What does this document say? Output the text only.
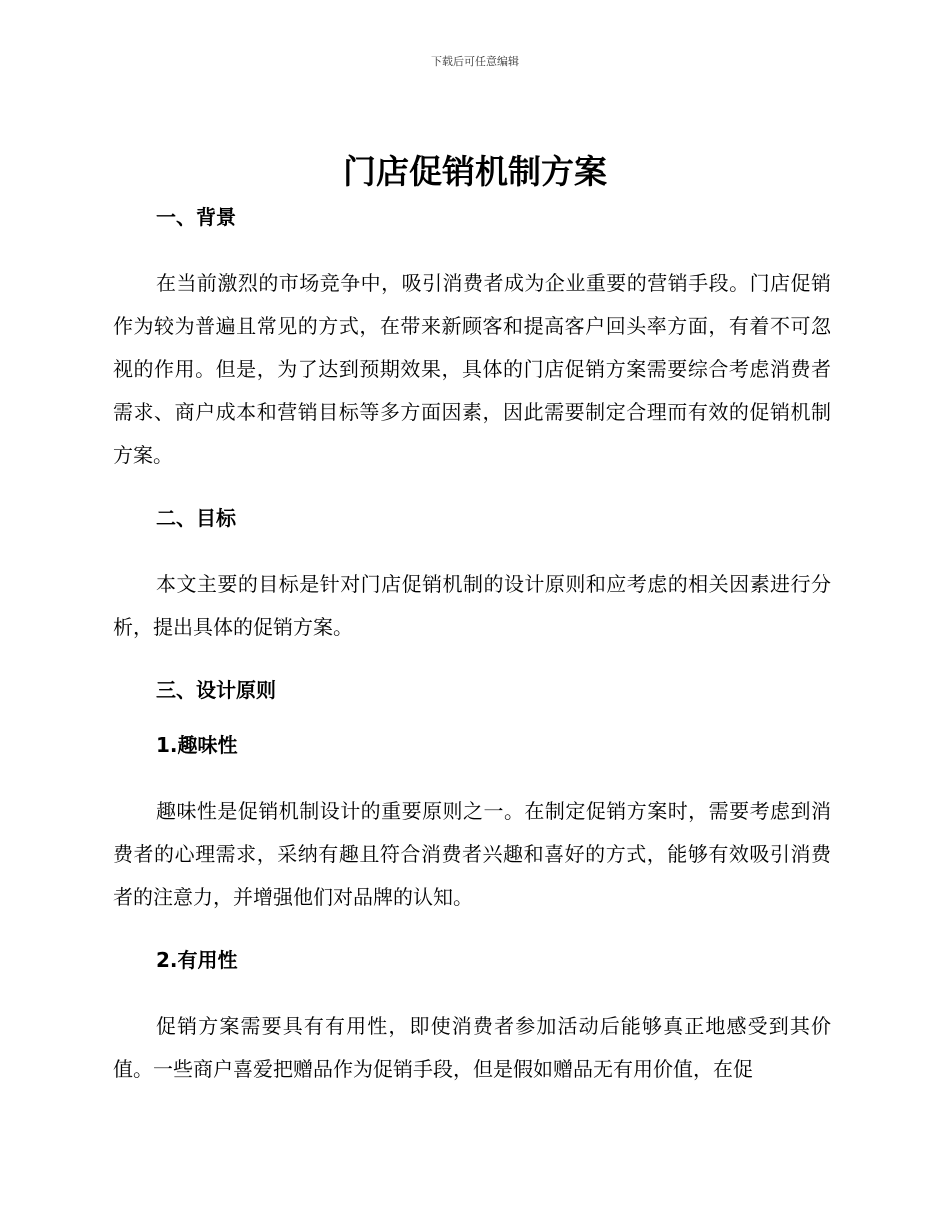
下载后可任意编辑
门店促销机制方案
一、背景

在当前激烈的市场竞争中，吸引消费者成为企业重要的营销手段。门店促销作为较为普遍且常见的方式，在带来新顾客和提高客户回头率方面，有着不可忽视的作用。但是，为了达到预期效果，具体的门店促销方案需要综合考虑消费者需求、商户成本和营销目标等多方面因素，因此需要制定合理而有效的促销机制方案。

二、目标

本文主要的目标是针对门店促销机制的设计原则和应考虑的相关因素进行分析，提出具体的促销方案。

三、设计原则
1.趣味性

趣味性是促销机制设计的重要原则之一。在制定促销方案时，需要考虑到消费者的心理需求，采纳有趣且符合消费者兴趣和喜好的方式，能够有效吸引消费者的注意力，并增强他们对品牌的认知。

2.有用性

促销方案需要具有有用性，即使消费者参加活动后能够真正地感受到其价值。一些商户喜爱把赠品作为促销手段，但是假如赠品无有用价值，在促
